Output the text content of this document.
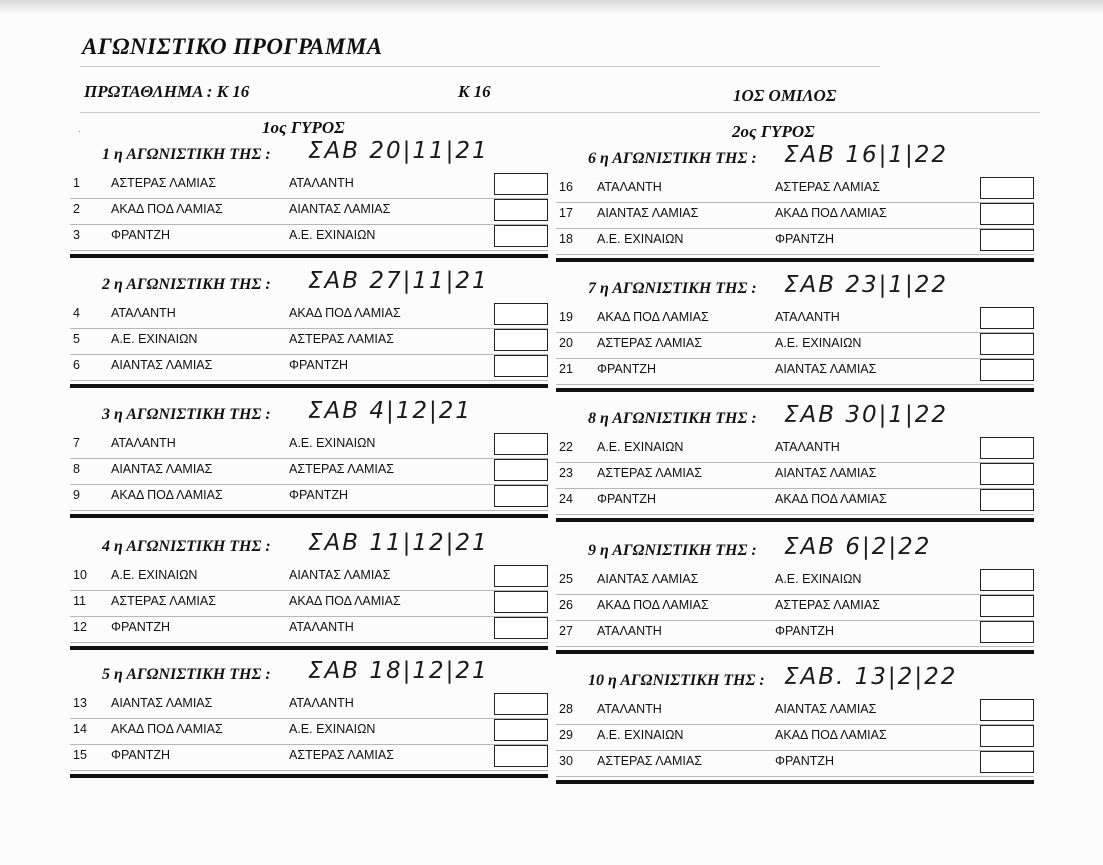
ΑΓΩΝΙΣΤΙΚΟ ΠΡΟΓΡΑΜΜΑ
ΠΡΩΤΑΘΛΗΜΑ : Κ 16	Κ 16	1ΟΣ ΟΜΙΛΟΣ
.	1ος ΓΥΡΟΣ	2ος ΓΥΡΟΣ
1 η ΑΓΩΝΙΣΤΙΚΗ ΤΗΣ : ΣΑΒ 20|11|21
1 ΑΣΤΕΡΑΣ ΛΑΜΙΑΣ	ΑΤΑΛΑΝΤΗ
2 ΑΚΑΔ ΠΟΔ ΛΑΜΙΑΣ	ΑΙΑΝΤΑΣ ΛΑΜΙΑΣ
3 ΦΡΑΝΤΖΗ	Α.Ε. ΕΧΙΝΑΙΩΝ
2 η ΑΓΩΝΙΣΤΙΚΗ ΤΗΣ : ΣΑΒ 27|11|21
4 ΑΤΑΛΑΝΤΗ	ΑΚΑΔ ΠΟΔ ΛΑΜΙΑΣ
5 Α.Ε. ΕΧΙΝΑΙΩΝ	ΑΣΤΕΡΑΣ ΛΑΜΙΑΣ
6 ΑΙΑΝΤΑΣ ΛΑΜΙΑΣ	ΦΡΑΝΤΖΗ
3 η ΑΓΩΝΙΣΤΙΚΗ ΤΗΣ : ΣΑΒ 4|12|21
7 ΑΤΑΛΑΝΤΗ	Α.Ε. ΕΧΙΝΑΙΩΝ
8 ΑΙΑΝΤΑΣ ΛΑΜΙΑΣ	ΑΣΤΕΡΑΣ ΛΑΜΙΑΣ
9 ΑΚΑΔ ΠΟΔ ΛΑΜΙΑΣ	ΦΡΑΝΤΖΗ
4 η ΑΓΩΝΙΣΤΙΚΗ ΤΗΣ : ΣΑΒ 11|12|21
10 Α.Ε. ΕΧΙΝΑΙΩΝ	ΑΙΑΝΤΑΣ ΛΑΜΙΑΣ
11 ΑΣΤΕΡΑΣ ΛΑΜΙΑΣ	ΑΚΑΔ ΠΟΔ ΛΑΜΙΑΣ
12 ΦΡΑΝΤΖΗ	ΑΤΑΛΑΝΤΗ
5 η ΑΓΩΝΙΣΤΙΚΗ ΤΗΣ : ΣΑΒ 18|12|21
13 ΑΙΑΝΤΑΣ ΛΑΜΙΑΣ	ΑΤΑΛΑΝΤΗ
14 ΑΚΑΔ ΠΟΔ ΛΑΜΙΑΣ	Α.Ε. ΕΧΙΝΑΙΩΝ
15 ΦΡΑΝΤΖΗ	ΑΣΤΕΡΑΣ ΛΑΜΙΑΣ
6 η ΑΓΩΝΙΣΤΙΚΗ ΤΗΣ : ΣΑΒ 16|1|22
16 ΑΤΑΛΑΝΤΗ	ΑΣΤΕΡΑΣ ΛΑΜΙΑΣ
17 ΑΙΑΝΤΑΣ ΛΑΜΙΑΣ	ΑΚΑΔ ΠΟΔ ΛΑΜΙΑΣ
18 Α.Ε. ΕΧΙΝΑΙΩΝ	ΦΡΑΝΤΖΗ
7 η ΑΓΩΝΙΣΤΙΚΗ ΤΗΣ : ΣΑΒ 23|1|22
19 ΑΚΑΔ ΠΟΔ ΛΑΜΙΑΣ	ΑΤΑΛΑΝΤΗ
20 ΑΣΤΕΡΑΣ ΛΑΜΙΑΣ	Α.Ε. ΕΧΙΝΑΙΩΝ
21 ΦΡΑΝΤΖΗ	ΑΙΑΝΤΑΣ ΛΑΜΙΑΣ
8 η ΑΓΩΝΙΣΤΙΚΗ ΤΗΣ : ΣΑΒ 30|1|22
22 Α.Ε. ΕΧΙΝΑΙΩΝ	ΑΤΑΛΑΝΤΗ
23 ΑΣΤΕΡΑΣ ΛΑΜΙΑΣ	ΑΙΑΝΤΑΣ ΛΑΜΙΑΣ
24 ΦΡΑΝΤΖΗ	ΑΚΑΔ ΠΟΔ ΛΑΜΙΑΣ
9 η ΑΓΩΝΙΣΤΙΚΗ ΤΗΣ : ΣΑΒ 6|2|22
25 ΑΙΑΝΤΑΣ ΛΑΜΙΑΣ	Α.Ε. ΕΧΙΝΑΙΩΝ
26 ΑΚΑΔ ΠΟΔ ΛΑΜΙΑΣ	ΑΣΤΕΡΑΣ ΛΑΜΙΑΣ
27 ΑΤΑΛΑΝΤΗ	ΦΡΑΝΤΖΗ
10 η ΑΓΩΝΙΣΤΙΚΗ ΤΗΣ : ΣΑΒ. 13|2|22
28 ΑΤΑΛΑΝΤΗ	ΑΙΑΝΤΑΣ ΛΑΜΙΑΣ
29 Α.Ε. ΕΧΙΝΑΙΩΝ	ΑΚΑΔ ΠΟΔ ΛΑΜΙΑΣ
30 ΑΣΤΕΡΑΣ ΛΑΜΙΑΣ	ΦΡΑΝΤΖΗ
